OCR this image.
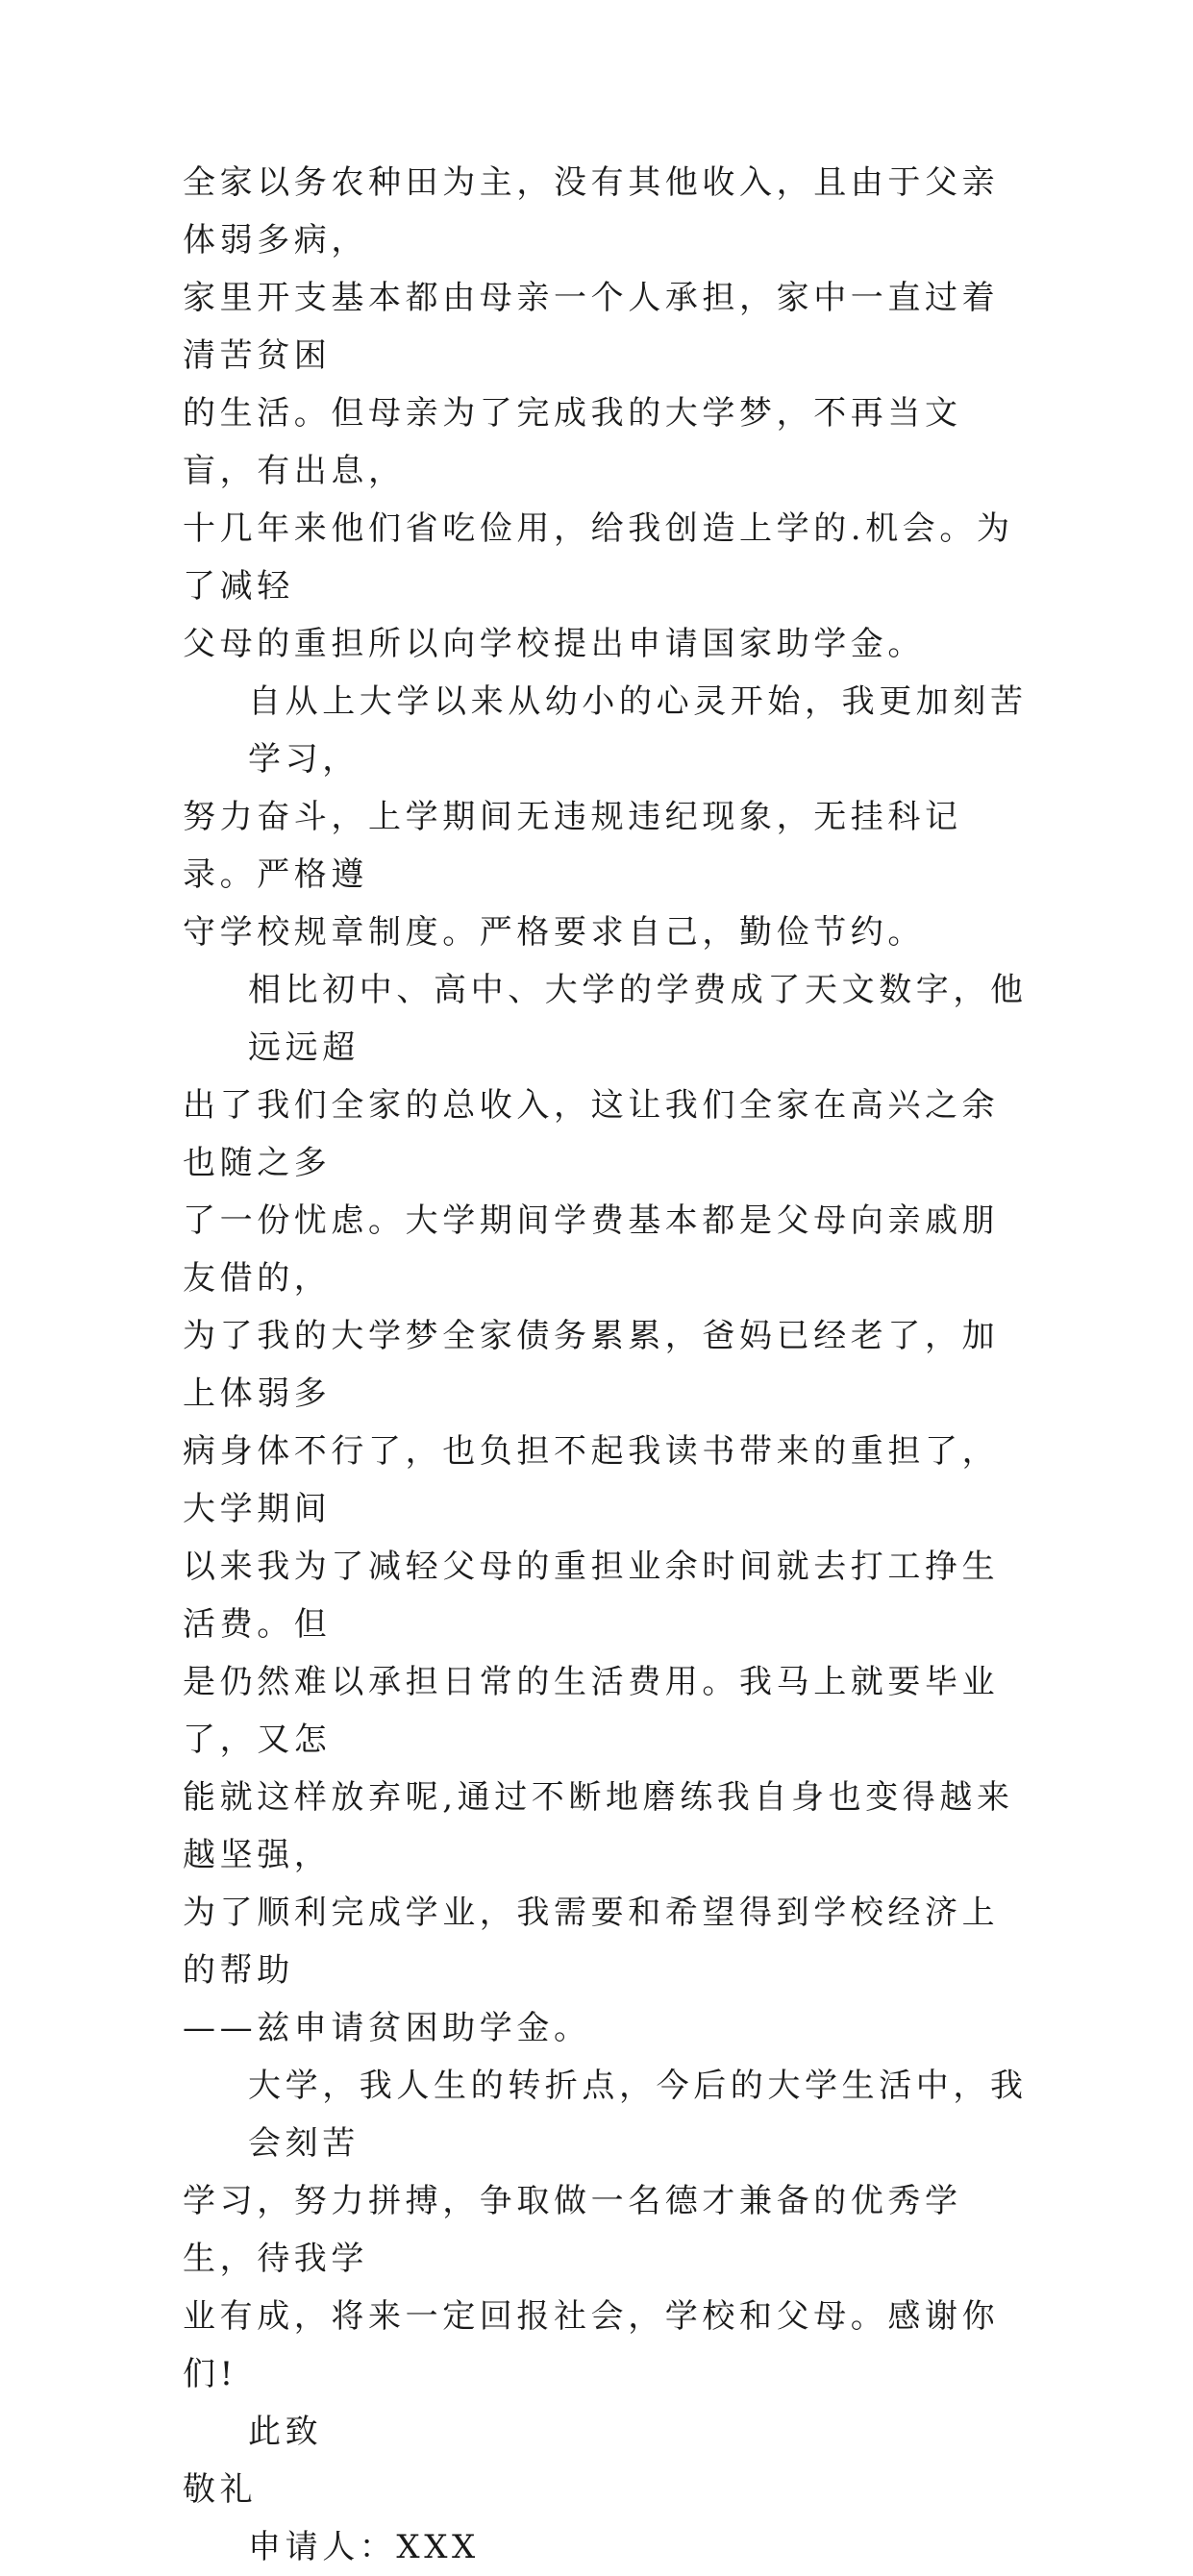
全家以务农种田为主，没有其他收入，且由于父亲体弱多病，
家里开支基本都由母亲一个人承担，家中一直过着清苦贫困
的生活。但母亲为了完成我的大学梦，不再当文盲，有出息，
十几年来他们省吃俭用，给我创造上学的.机会。为了减轻
父母的重担所以向学校提出申请国家助学金。
自从上大学以来从幼小的心灵开始，我更加刻苦学习，
努力奋斗，上学期间无违规违纪现象，无挂科记录。严格遵
守学校规章制度。严格要求自己，勤俭节约。
相比初中、高中、大学的学费成了天文数字，他远远超
出了我们全家的总收入，这让我们全家在高兴之余也随之多
了一份忧虑。大学期间学费基本都是父母向亲戚朋友借的，
为了我的大学梦全家债务累累，爸妈已经老了，加上体弱多
病身体不行了，也负担不起我读书带来的重担了，大学期间
以来我为了减轻父母的重担业余时间就去打工挣生活费。但
是仍然难以承担日常的生活费用。我马上就要毕业了，又怎
能就这样放弃呢,通过不断地磨练我自身也变得越来越坚强，
为了顺利完成学业，我需要和希望得到学校经济上的帮助
——兹申请贫困助学金。
大学，我人生的转折点，今后的大学生活中，我会刻苦
学习，努力拼搏，争取做一名德才兼备的优秀学生，待我学
业有成，将来一定回报社会，学校和父母。感谢你们!
此致
敬礼
申请人：XXX
